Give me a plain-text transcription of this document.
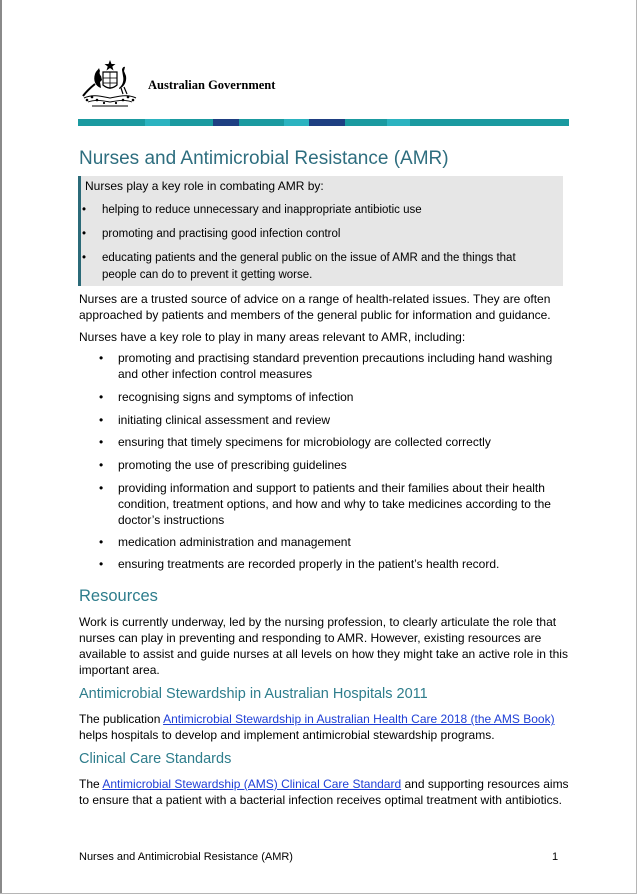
Australian Government
Nurses and Antimicrobial Resistance (AMR)
Nurses play a key role in combating AMR by:
• helping to reduce unnecessary and inappropriate antibiotic use
• promoting and practising good infection control
• educating patients and the general public on the issue of AMR and the things that
people can do to prevent it getting worse.
Nurses are a trusted source of advice on a range of health-related issues. They are often
approached by patients and members of the general public for information and guidance.
Nurses have a key role to play in many areas relevant to AMR, including:
• promoting and practising standard prevention precautions including hand washing
and other infection control measures
• recognising signs and symptoms of infection
• initiating clinical assessment and review
• ensuring that timely specimens for microbiology are collected correctly
• promoting the use of prescribing guidelines
• providing information and support to patients and their families about their health
condition, treatment options, and how and why to take medicines according to the
doctor’s instructions
• medication administration and management
• ensuring treatments are recorded properly in the patient’s health record.
Resources
Work is currently underway, led by the nursing profession, to clearly articulate the role that
nurses can play in preventing and responding to AMR. However, existing resources are
available to assist and guide nurses at all levels on how they might take an active role in this
important area.
Antimicrobial Stewardship in Australian Hospitals 2011
The publication Antimicrobial Stewardship in Australian Health Care 2018 (the AMS Book)
helps hospitals to develop and implement antimicrobial stewardship programs.
Clinical Care Standards
The Antimicrobial Stewardship (AMS) Clinical Care Standard and supporting resources aims
to ensure that a patient with a bacterial infection receives optimal treatment with antibiotics.
Nurses and Antimicrobial Resistance (AMR)	1
